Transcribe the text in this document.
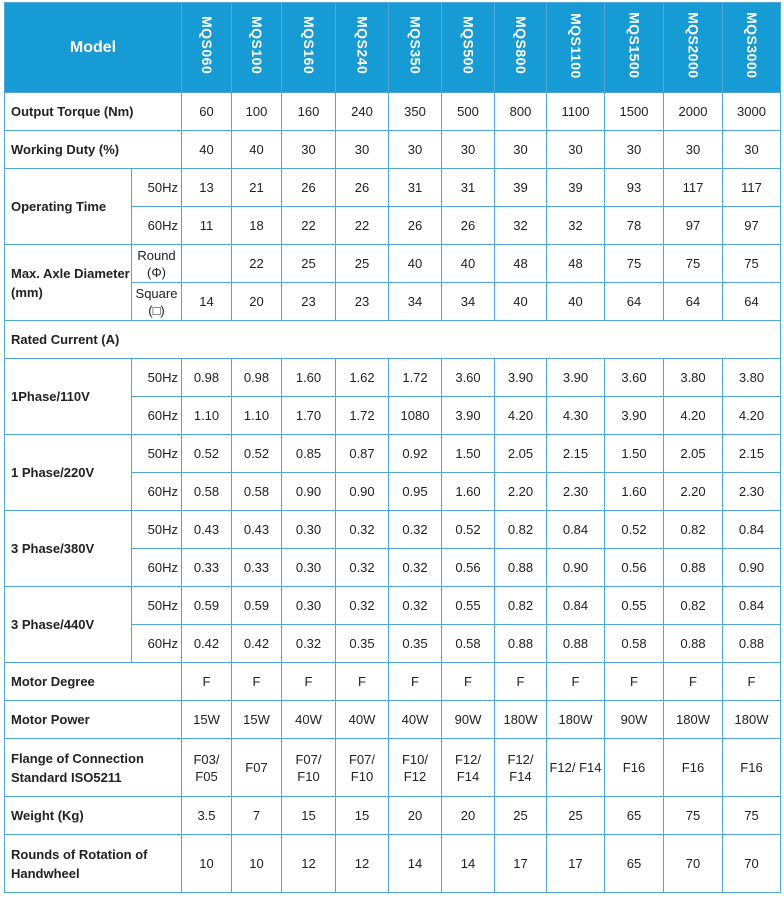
Model		MQS060	MQS100	MQS160	MQS240	MQS350	MQS500	MQS800	MQS1100	MQS1500	MQS2000	MQS3000
Output Torque (Nm)		60	100	160	240	350	500	800	1100	1500	2000	3000
Working Duty (%)		40	40	30	30	30	30	30	30	30	30	30
Operating Time	50Hz	13	21	26	26	31	31	39	39	93	117	117
	60Hz	11	18	22	22	26	26	32	32	78	97	97
Max. Axle Diameter (mm)	Round (Φ)		22	25	25	40	40	48	48	75	75	75
	Square (□)	14	20	23	23	34	34	40	40	64	64	64
Rated Current (A)												
1Phase/110V	50Hz	0.98	0.98	1.60	1.62	1.72	3.60	3.90	3.90	3.60	3.80	3.80
	60Hz	1.10	1.10	1.70	1.72	1080	3.90	4.20	4.30	3.90	4.20	4.20
1 Phase/220V	50Hz	0.52	0.52	0.85	0.87	0.92	1.50	2.05	2.15	1.50	2.05	2.15
	60Hz	0.58	0.58	0.90	0.90	0.95	1.60	2.20	2.30	1.60	2.20	2.30
3 Phase/380V	50Hz	0.43	0.43	0.30	0.32	0.32	0.52	0.82	0.84	0.52	0.82	0.84
	60Hz	0.33	0.33	0.30	0.32	0.32	0.56	0.88	0.90	0.56	0.88	0.90
3 Phase/440V	50Hz	0.59	0.59	0.30	0.32	0.32	0.55	0.82	0.84	0.55	0.82	0.84
	60Hz	0.42	0.42	0.32	0.35	0.35	0.58	0.88	0.88	0.58	0.88	0.88
Motor Degree		F	F	F	F	F	F	F	F	F	F	F
Motor Power		15W	15W	40W	40W	40W	90W	180W	180W	90W	180W	180W
Flange of Connection Standard ISO5211		F03/ F05	F07	F07/ F10	F07/ F10	F10/ F12	F12/ F14	F12/ F14	F12/ F14	F16	F16	F16
Weight (Kg)		3.5	7	15	15	20	20	25	25	65	75	75
Rounds of Rotation of Handwheel		10	10	12	12	14	14	17	17	65	70	70
